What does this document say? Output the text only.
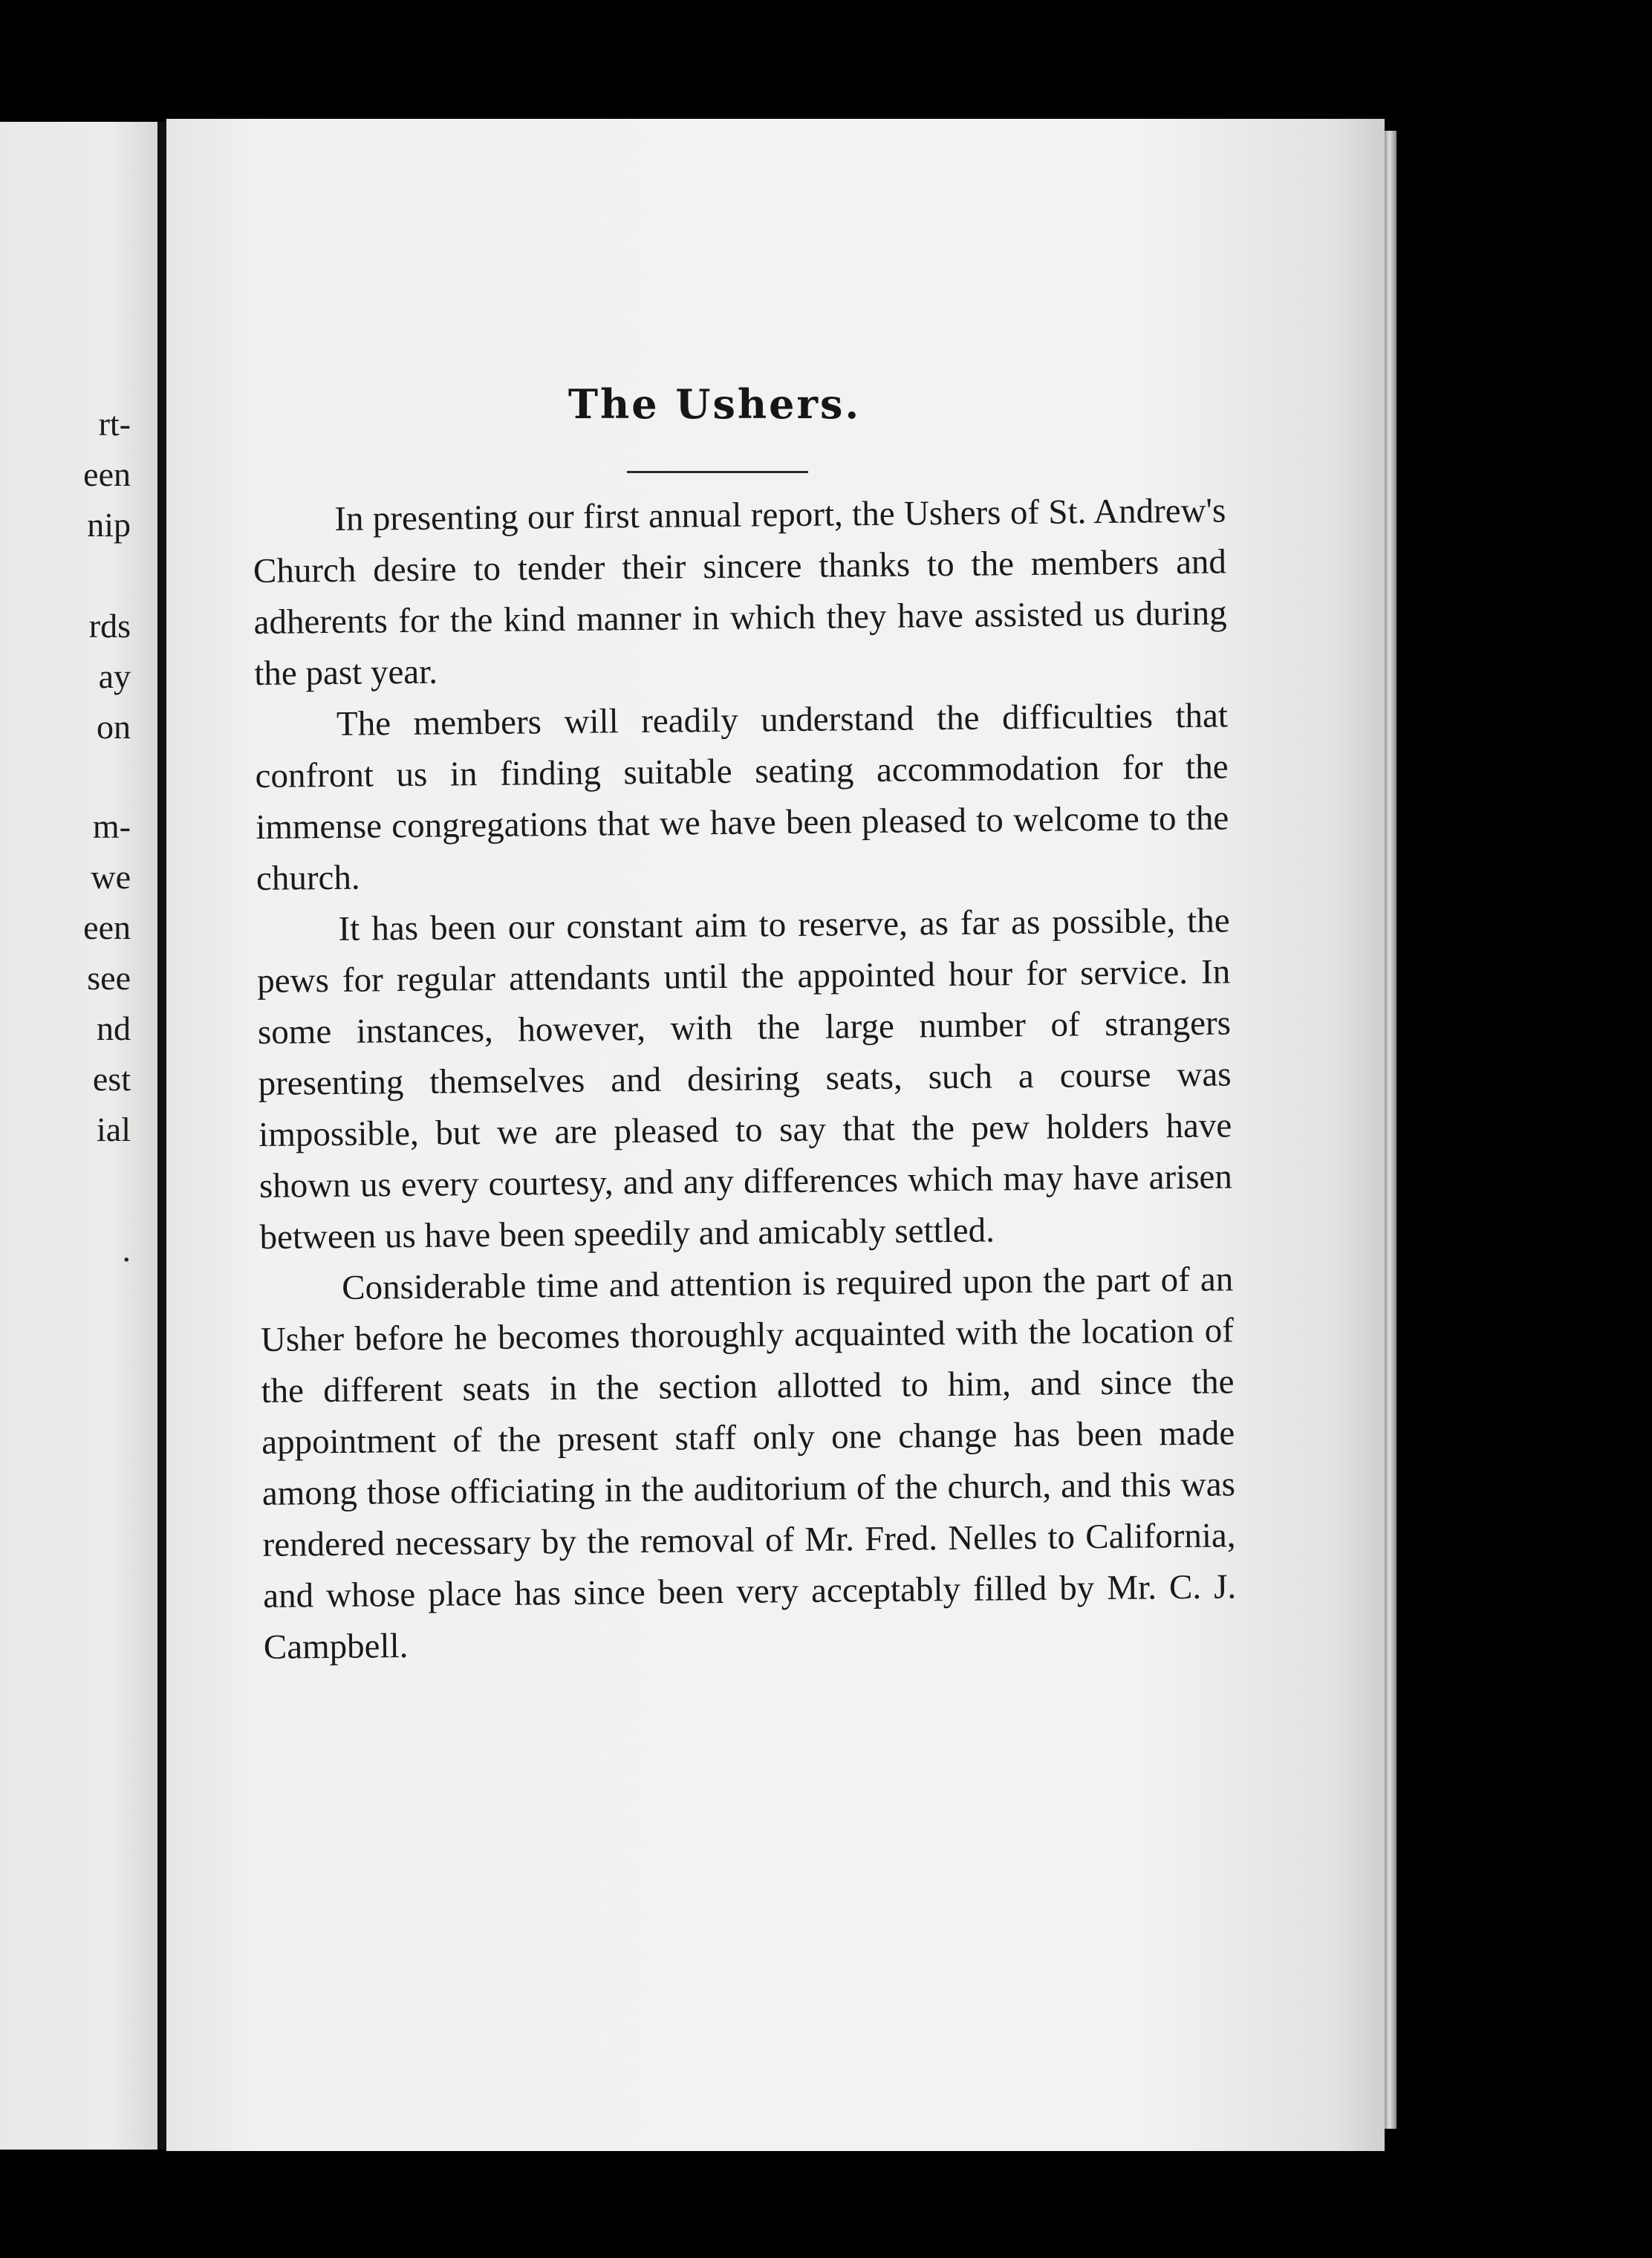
rt-
een
nip
rds
ay
on
m-
we
een
see
nd
est
ial
.
The Ushers.

In presenting our first annual report, the Ushers of St. Andrew's Church desire to tender their sincere thanks to the members and adherents for the kind manner in which they have assisted us during the past year.

The members will readily understand the difficulties that confront us in finding suitable seating accommodation for the immense congregations that we have been pleased to welcome to the church.

It has been our constant aim to reserve, as far as possible, the pews for regular attendants until the appointed hour for service. In some instances, however, with the large number of strangers presenting themselves and desiring seats, such a course was impossible, but we are pleased to say that the pew holders have shown us every courtesy, and any differences which may have arisen between us have been speedily and amicably settled.

Considerable time and attention is required upon the part of an Usher before he becomes thoroughly acquainted with the location of the different seats in the section allotted to him, and since the appointment of the present staff only one change has been made among those officiating in the auditorium of the church, and this was rendered necessary by the removal of Mr. Fred. Nelles to California, and whose place has since been very acceptably filled by Mr. C. J. Campbell.
